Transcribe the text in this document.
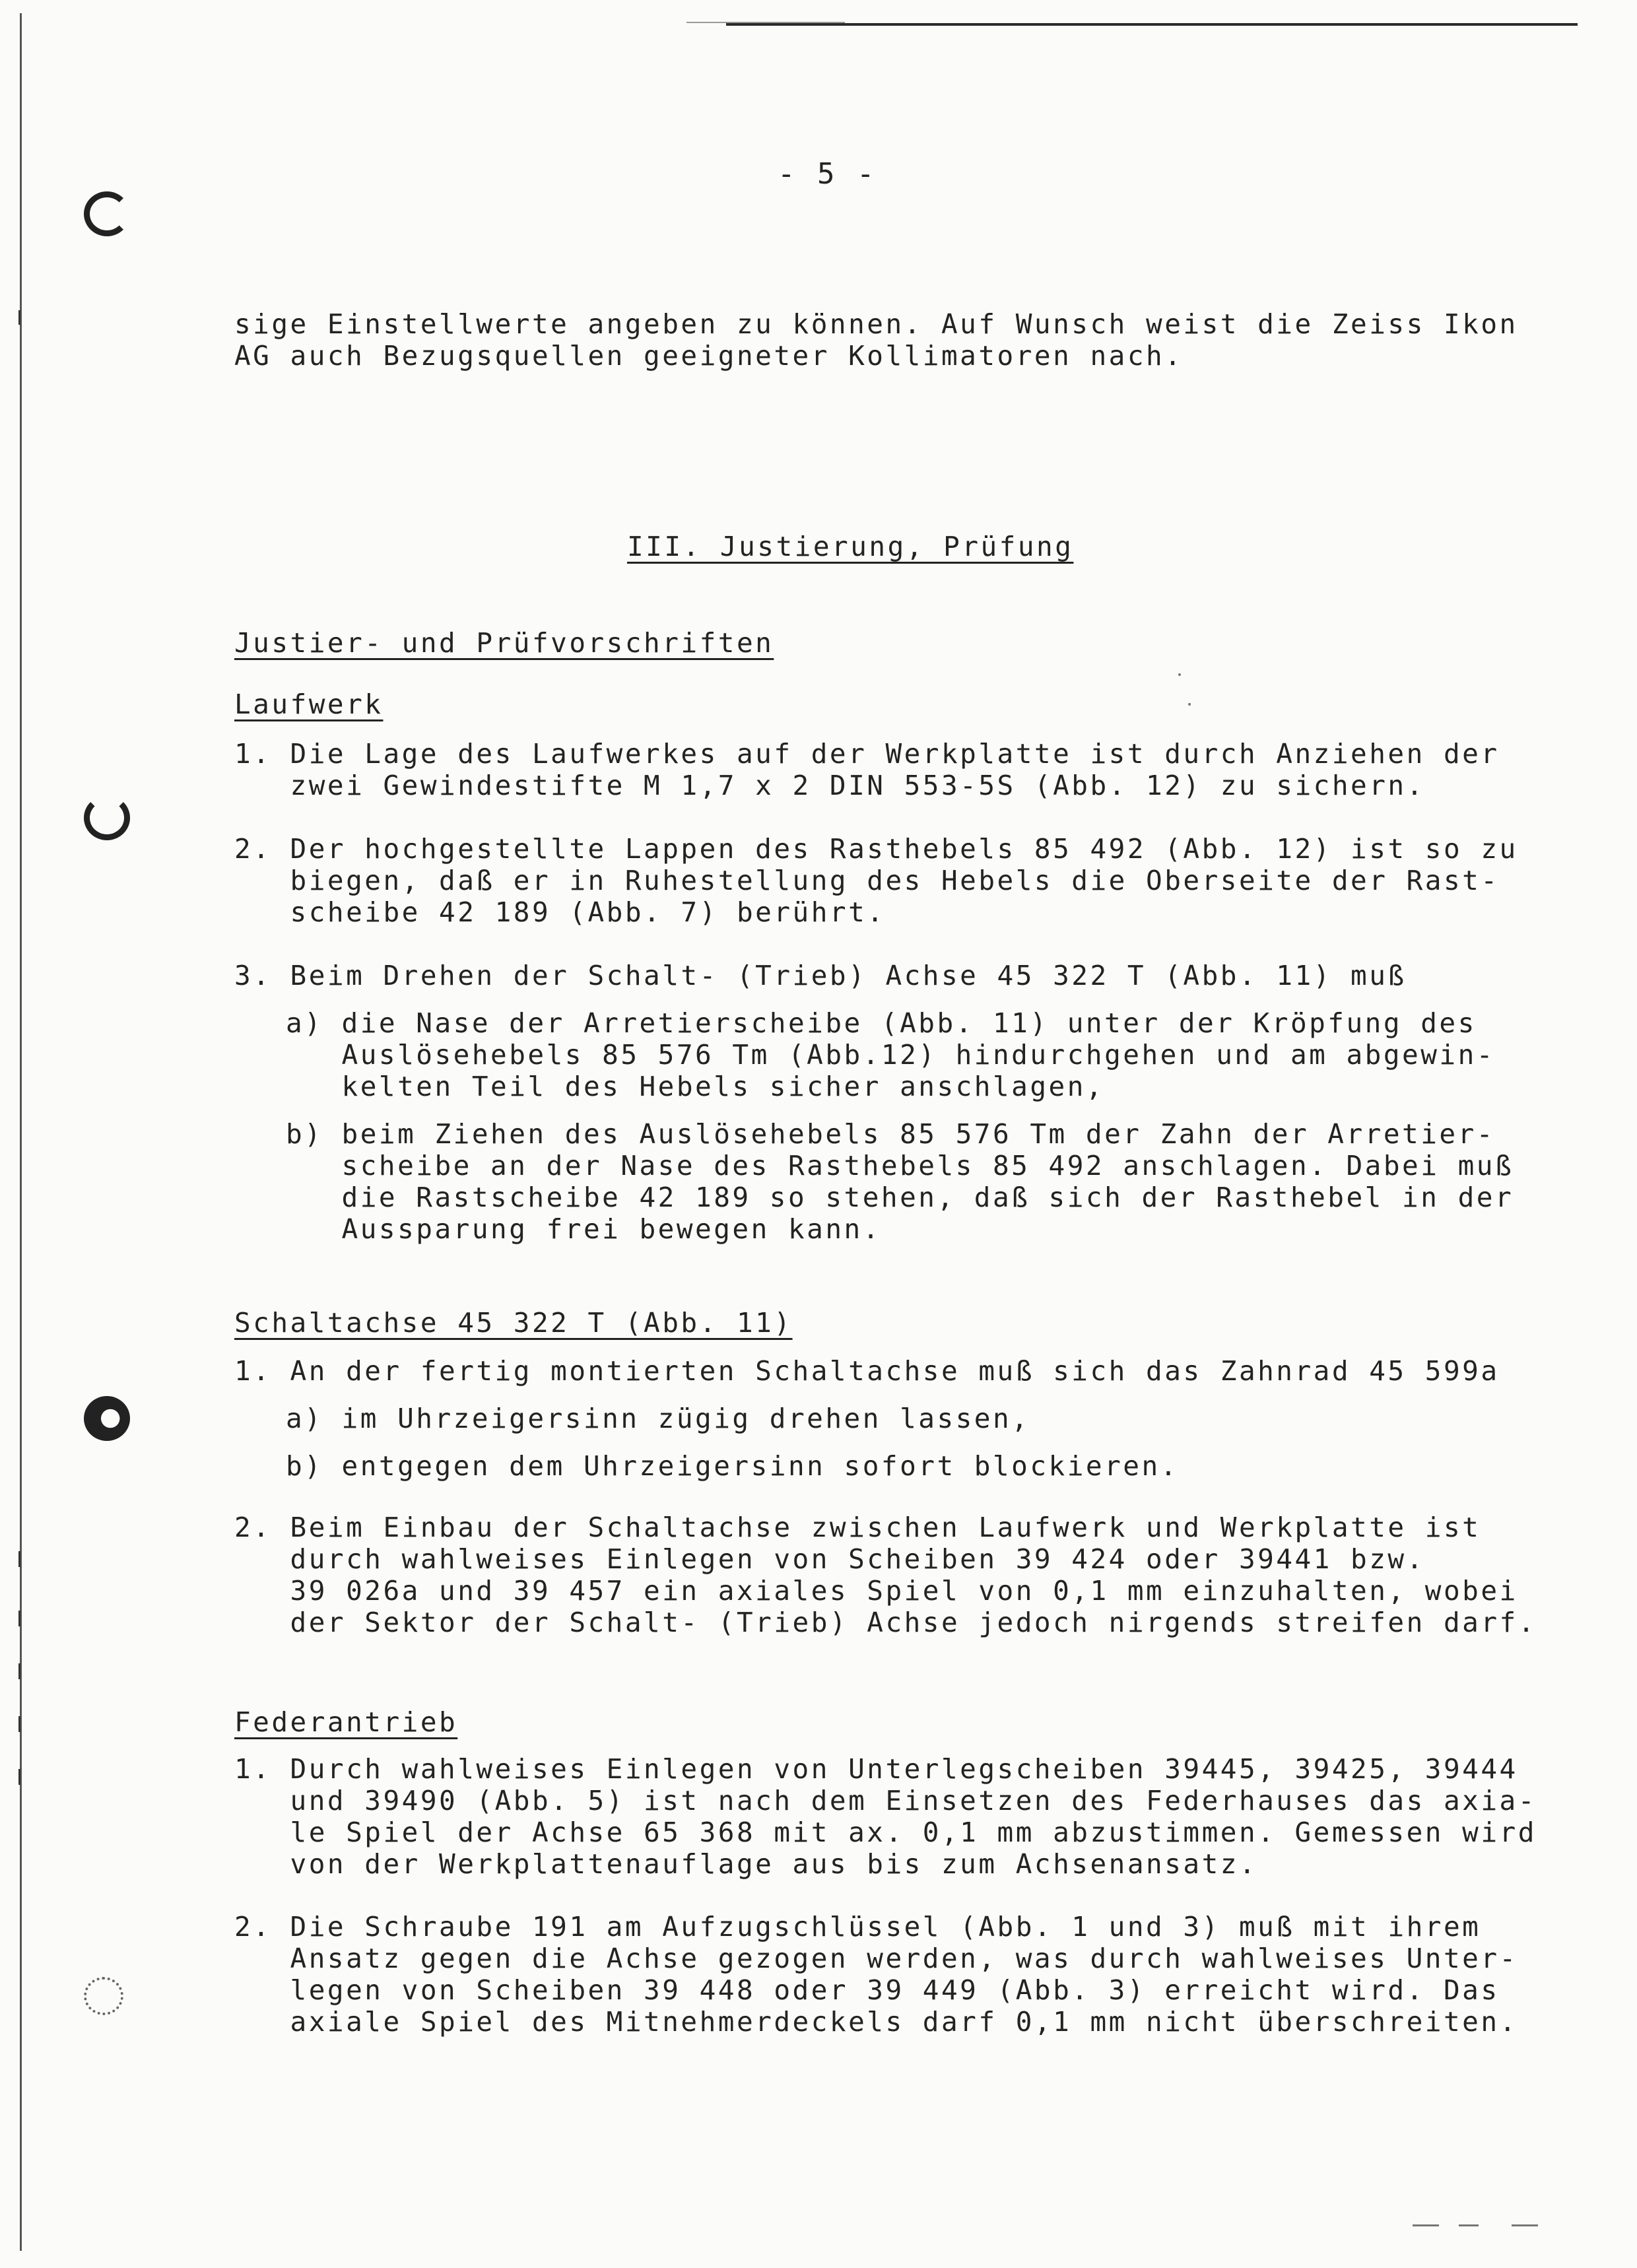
- 5 -
sige Einstellwerte angeben zu können. Auf Wunsch weist die Zeiss Ikon
AG auch Bezugsquellen geeigneter Kollimatoren nach.
III. Justierung, Prüfung
Justier- und Prüfvorschriften
Laufwerk
1. Die Lage des Laufwerkes auf der Werkplatte ist durch Anziehen der
zwei Gewindestifte M 1,7 x 2 DIN 553-5S (Abb. 12) zu sichern.
2. Der hochgestellte Lappen des Rasthebels 85 492 (Abb. 12) ist so zu
biegen, daß er in Ruhestellung des Hebels die Oberseite der Rast-
scheibe 42 189 (Abb. 7) berührt.
3. Beim Drehen der Schalt- (Trieb) Achse 45 322 T (Abb. 11) muß
a) die Nase der Arretierscheibe (Abb. 11) unter der Kröpfung des
Auslösehebels 85 576 Tm (Abb.12) hindurchgehen und am abgewin-
kelten Teil des Hebels sicher anschlagen,
b) beim Ziehen des Auslösehebels 85 576 Tm der Zahn der Arretier-
scheibe an der Nase des Rasthebels 85 492 anschlagen. Dabei muß
die Rastscheibe 42 189 so stehen, daß sich der Rasthebel in der
Aussparung frei bewegen kann.
Schaltachse 45 322 T (Abb. 11)
1. An der fertig montierten Schaltachse muß sich das Zahnrad 45 599a
a) im Uhrzeigersinn zügig drehen lassen,
b) entgegen dem Uhrzeigersinn sofort blockieren.
2. Beim Einbau der Schaltachse zwischen Laufwerk und Werkplatte ist
durch wahlweises Einlegen von Scheiben 39 424 oder 39441 bzw.
39 026a und 39 457 ein axiales Spiel von 0,1 mm einzuhalten, wobei
der Sektor der Schalt- (Trieb) Achse jedoch nirgends streifen darf.
Federantrieb
1. Durch wahlweises Einlegen von Unterlegscheiben 39445, 39425, 39444
und 39490 (Abb. 5) ist nach dem Einsetzen des Federhauses das axia-
le Spiel der Achse 65 368 mit ax. 0,1 mm abzustimmen. Gemessen wird
von der Werkplattenauflage aus bis zum Achsenansatz.
2. Die Schraube 191 am Aufzugschlüssel (Abb. 1 und 3) muß mit ihrem
Ansatz gegen die Achse gezogen werden, was durch wahlweises Unter-
legen von Scheiben 39 448 oder 39 449 (Abb. 3) erreicht wird. Das
axiale Spiel des Mitnehmerdeckels darf 0,1 mm nicht überschreiten.
